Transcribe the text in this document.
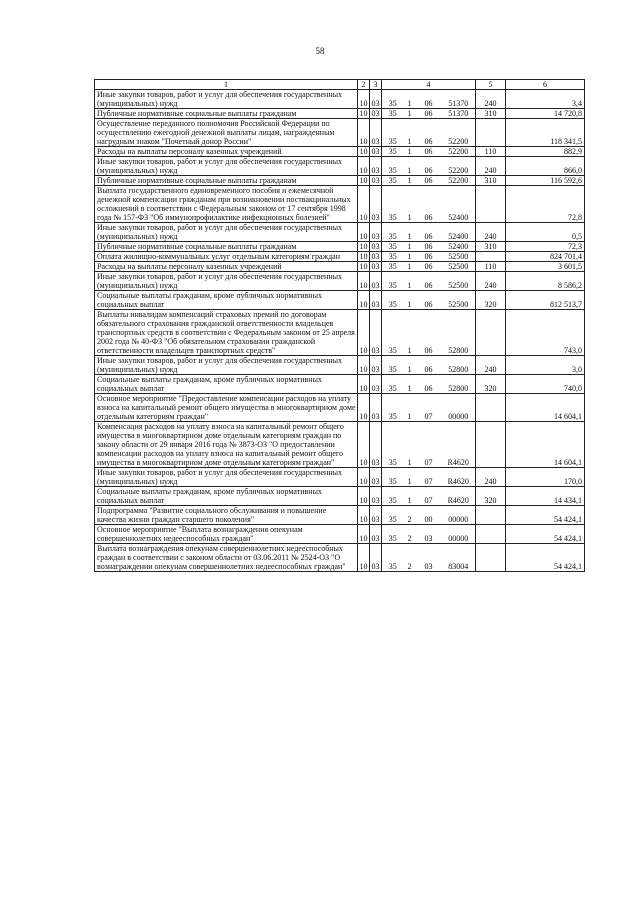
58
1	2	3	4				5	6
Иные закупки товаров, работ и услуг для обеспечения государственных (муниципальных) нужд	10	03	35	1	06	51370	240	3,4
Публичные нормативные социальные выплаты гражданам	10	03	35	1	06	51370	310	14 720,8
Осуществление переданного полномочия Российской Федерации по осуществлению ежегодной денежной выплаты лицам, награжденным нагрудным знаком "Почетный донор России"	10	03	35	1	06	52200		118 341,5
Расходы на выплаты персоналу казенных учреждений	10	03	35	1	06	52200	110	882,9
Иные закупки товаров, работ и услуг для обеспечения государственных (муниципальных) нужд	10	03	35	1	06	52200	240	866,0
Публичные нормативные социальные выплаты гражданам	10	03	35	1	06	52200	310	116 592,6
Выплата государственного единовременного пособия и ежемесячной денежной компенсации гражданам при возникновении поствакцинальных осложнений в соответствии с Федеральным законом от 17 сентября 1998 года № 157-ФЗ "Об иммунопрофилактике инфекционных болезней"	10	03	35	1	06	52400		72,8
Иные закупки товаров, работ и услуг для обеспечения государственных (муниципальных) нужд	10	03	35	1	06	52400	240	0,5
Публичные нормативные социальные выплаты гражданам	10	03	35	1	06	52400	310	72,3
Оплата жилищно-коммунальных услуг отдельным категориям граждан	10	03	35	1	06	52500		824 701,4
Расходы на выплаты персоналу казенных учреждений	10	03	35	1	06	52500	110	3 601,5
Иные закупки товаров, работ и услуг для обеспечения государственных (муниципальных) нужд	10	03	35	1	06	52500	240	8 586,2
Социальные выплаты гражданам, кроме публичных нормативных социальных выплат	10	03	35	1	06	52500	320	812 513,7
Выплаты инвалидам компенсаций страховых премий по договорам обязательного страхования гражданской ответственности владельцев транспортных средств в соответствии с Федеральным законом от 25 апреля 2002 года № 40-ФЗ "Об обязательном страховании гражданской ответственности владельцев транспортных средств"	10	03	35	1	06	52800		743,0
Иные закупки товаров, работ и услуг для обеспечения государственных (муниципальных) нужд	10	03	35	1	06	52800	240	3,0
Социальные выплаты гражданам, кроме публичных нормативных социальных выплат	10	03	35	1	06	52800	320	740,0
Основное мероприятие "Предоставление компенсации расходов на уплату взноса на капитальный ремонт общего имущества в многоквартирном доме отдельным категориям граждан"	10	03	35	1	07	00000		14 604,1
Компенсация расходов на уплату взноса на капитальный ремонт общего имущества в многоквартирном доме отдельным категориям граждан по закону области от 29 января 2016 года № 3873-ОЗ "О предоставлении компенсации расходов на уплату взноса на капитальный ремонт общего имущества в многоквартирном доме отдельным категориям граждан"	10	03	35	1	07	R4620		14 604,1
Иные закупки товаров, работ и услуг для обеспечения государственных (муниципальных) нужд	10	03	35	1	07	R4620	240	170,0
Социальные выплаты гражданам, кроме публичных нормативных социальных выплат	10	03	35	1	07	R4620	320	14 434,1
Подпрограмма "Развитие социального обслуживания и повышение качества жизни граждан старшего поколения"	10	03	35	2	00	00000		54 424,1
Основное мероприятие "Выплата вознаграждения опекунам совершеннолетних недееспособных граждан"	10	03	35	2	03	00000		54 424,1
Выплата вознаграждения опекунам совершеннолетних недееспособных граждан в соответствии с законом области от 03.06.2011 № 2524-ОЗ "О вознаграждении опекунам совершеннолетних недееспособных граждан"	10	03	35	2	03	83004		54 424,1
